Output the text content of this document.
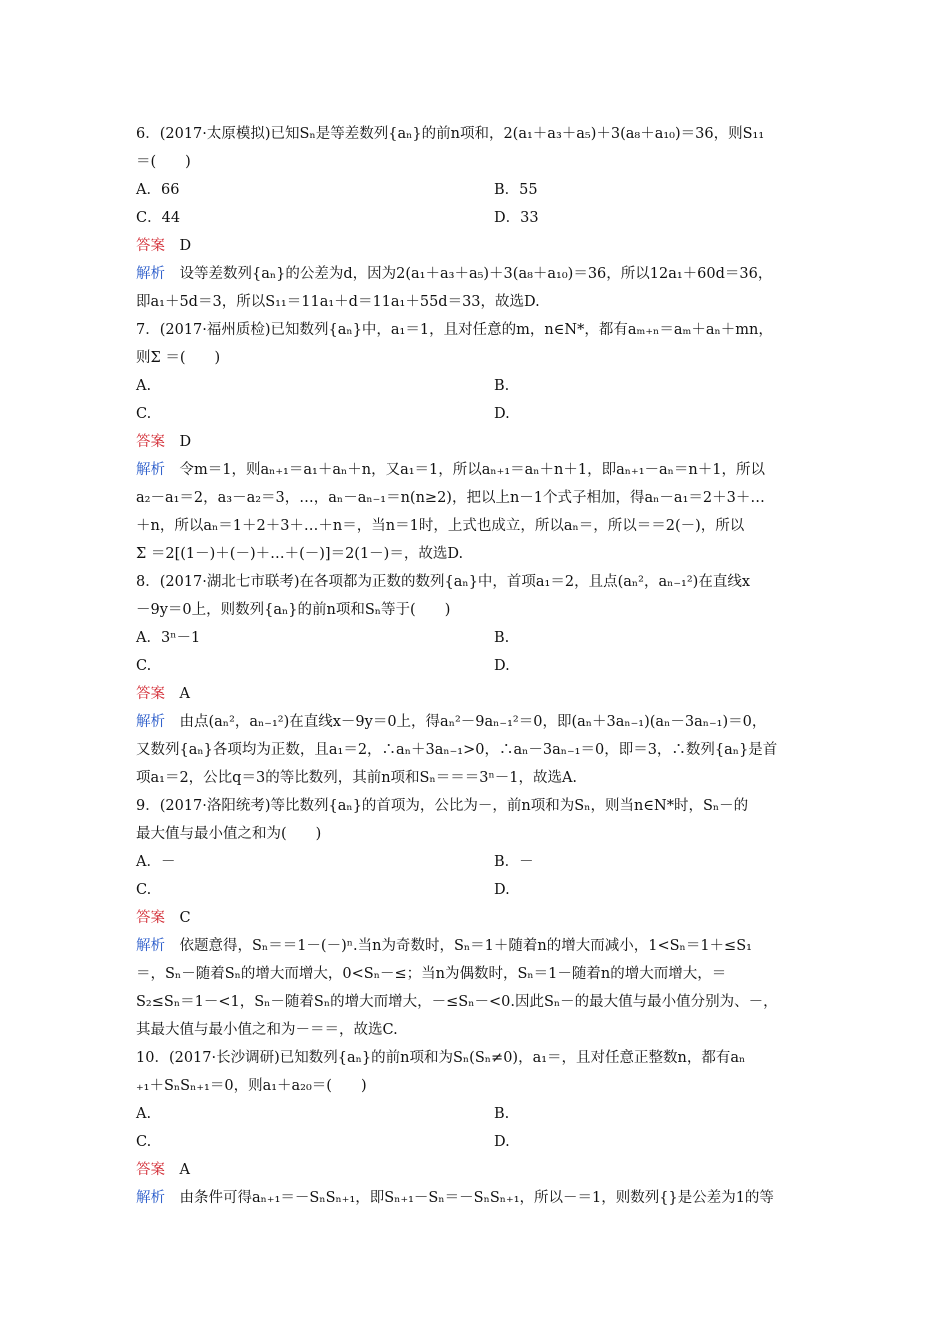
6．(2017·太原模拟)已知Sₙ是等差数列{aₙ}的前n项和，2(a₁＋a₃＋a₅)＋3(a₈＋a₁₀)＝36，则S₁₁
＝(　　)
A．66	B．55
C．44	D．33
答案　 D
解析　 设等差数列{aₙ}的公差为d，因为2(a₁＋a₃＋a₅)＋3(a₈＋a₁₀)＝36，所以12a₁＋60d＝36，
即a₁＋5d＝3，所以S₁₁＝11a₁＋d＝11a₁＋55d＝33，故选D.
7．(2017·福州质检)已知数列{aₙ}中，a₁＝1，且对任意的m，n∈N*，都有aₘ₊ₙ＝aₘ＋aₙ＋mn，
则Σ ＝(　　)
A.	B.
C.	D.
答案　 D
解析　 令m＝1，则aₙ₊₁＝a₁＋aₙ＋n，又a₁＝1，所以aₙ₊₁＝aₙ＋n＋1，即aₙ₊₁－aₙ＝n＋1，所以
a₂－a₁＝2，a₃－a₂＝3，…，aₙ－aₙ₋₁＝n(n≥2)，把以上n－1个式子相加，得aₙ－a₁＝2＋3＋…
＋n，所以aₙ＝1＋2＋3＋…＋n＝，当n＝1时，上式也成立，所以aₙ＝，所以＝＝2(－)，所以
Σ ＝2[(1－)＋(－)＋…＋(－)]＝2(1－)＝，故选D.
8．(2017·湖北七市联考)在各项都为正数的数列{aₙ}中，首项a₁＝2，且点(aₙ²，aₙ₋₁²)在直线x
－9y＝0上，则数列{aₙ}的前n项和Sₙ等于(　　)
A．3ⁿ－1	B.
C.	D.
答案　 A
解析　 由点(aₙ²，aₙ₋₁²)在直线x－9y＝0上，得aₙ²－9aₙ₋₁²＝0，即(aₙ＋3aₙ₋₁)(aₙ－3aₙ₋₁)＝0，
又数列{aₙ}各项均为正数，且a₁＝2，∴aₙ＋3aₙ₋₁>0，∴aₙ－3aₙ₋₁＝0，即＝3，∴数列{aₙ}是首
项a₁＝2，公比q＝3的等比数列，其前n项和Sₙ＝＝＝3ⁿ－1，故选A.
9．(2017·洛阳统考)等比数列{aₙ}的首项为，公比为－，前n项和为Sₙ，则当n∈N*时，Sₙ－的
最大值与最小值之和为(　　)
A．－	B．－
C.	D.
答案　 C
解析　 依题意得，Sₙ＝＝1－(－)ⁿ.当n为奇数时，Sₙ＝1＋随着n的增大而减小，1<Sₙ＝1＋≤S₁
＝，Sₙ－随着Sₙ的增大而增大，0<Sₙ－≤；当n为偶数时，Sₙ＝1－随着n的增大而增大，＝
S₂≤Sₙ＝1－<1，Sₙ－随着Sₙ的增大而增大，－≤Sₙ－<0.因此Sₙ－的最大值与最小值分别为、－，
其最大值与最小值之和为－＝＝，故选C.
10．(2017·长沙调研)已知数列{aₙ}的前n项和为Sₙ(Sₙ≠0)，a₁＝，且对任意正整数n，都有aₙ
₊₁＋SₙSₙ₊₁＝0，则a₁＋a₂₀＝(　　)
A.	B.
C.	D.
答案　 A
解析　 由条件可得aₙ₊₁＝－SₙSₙ₊₁，即Sₙ₊₁－Sₙ＝－SₙSₙ₊₁，所以－＝1，则数列{}是公差为1的等
